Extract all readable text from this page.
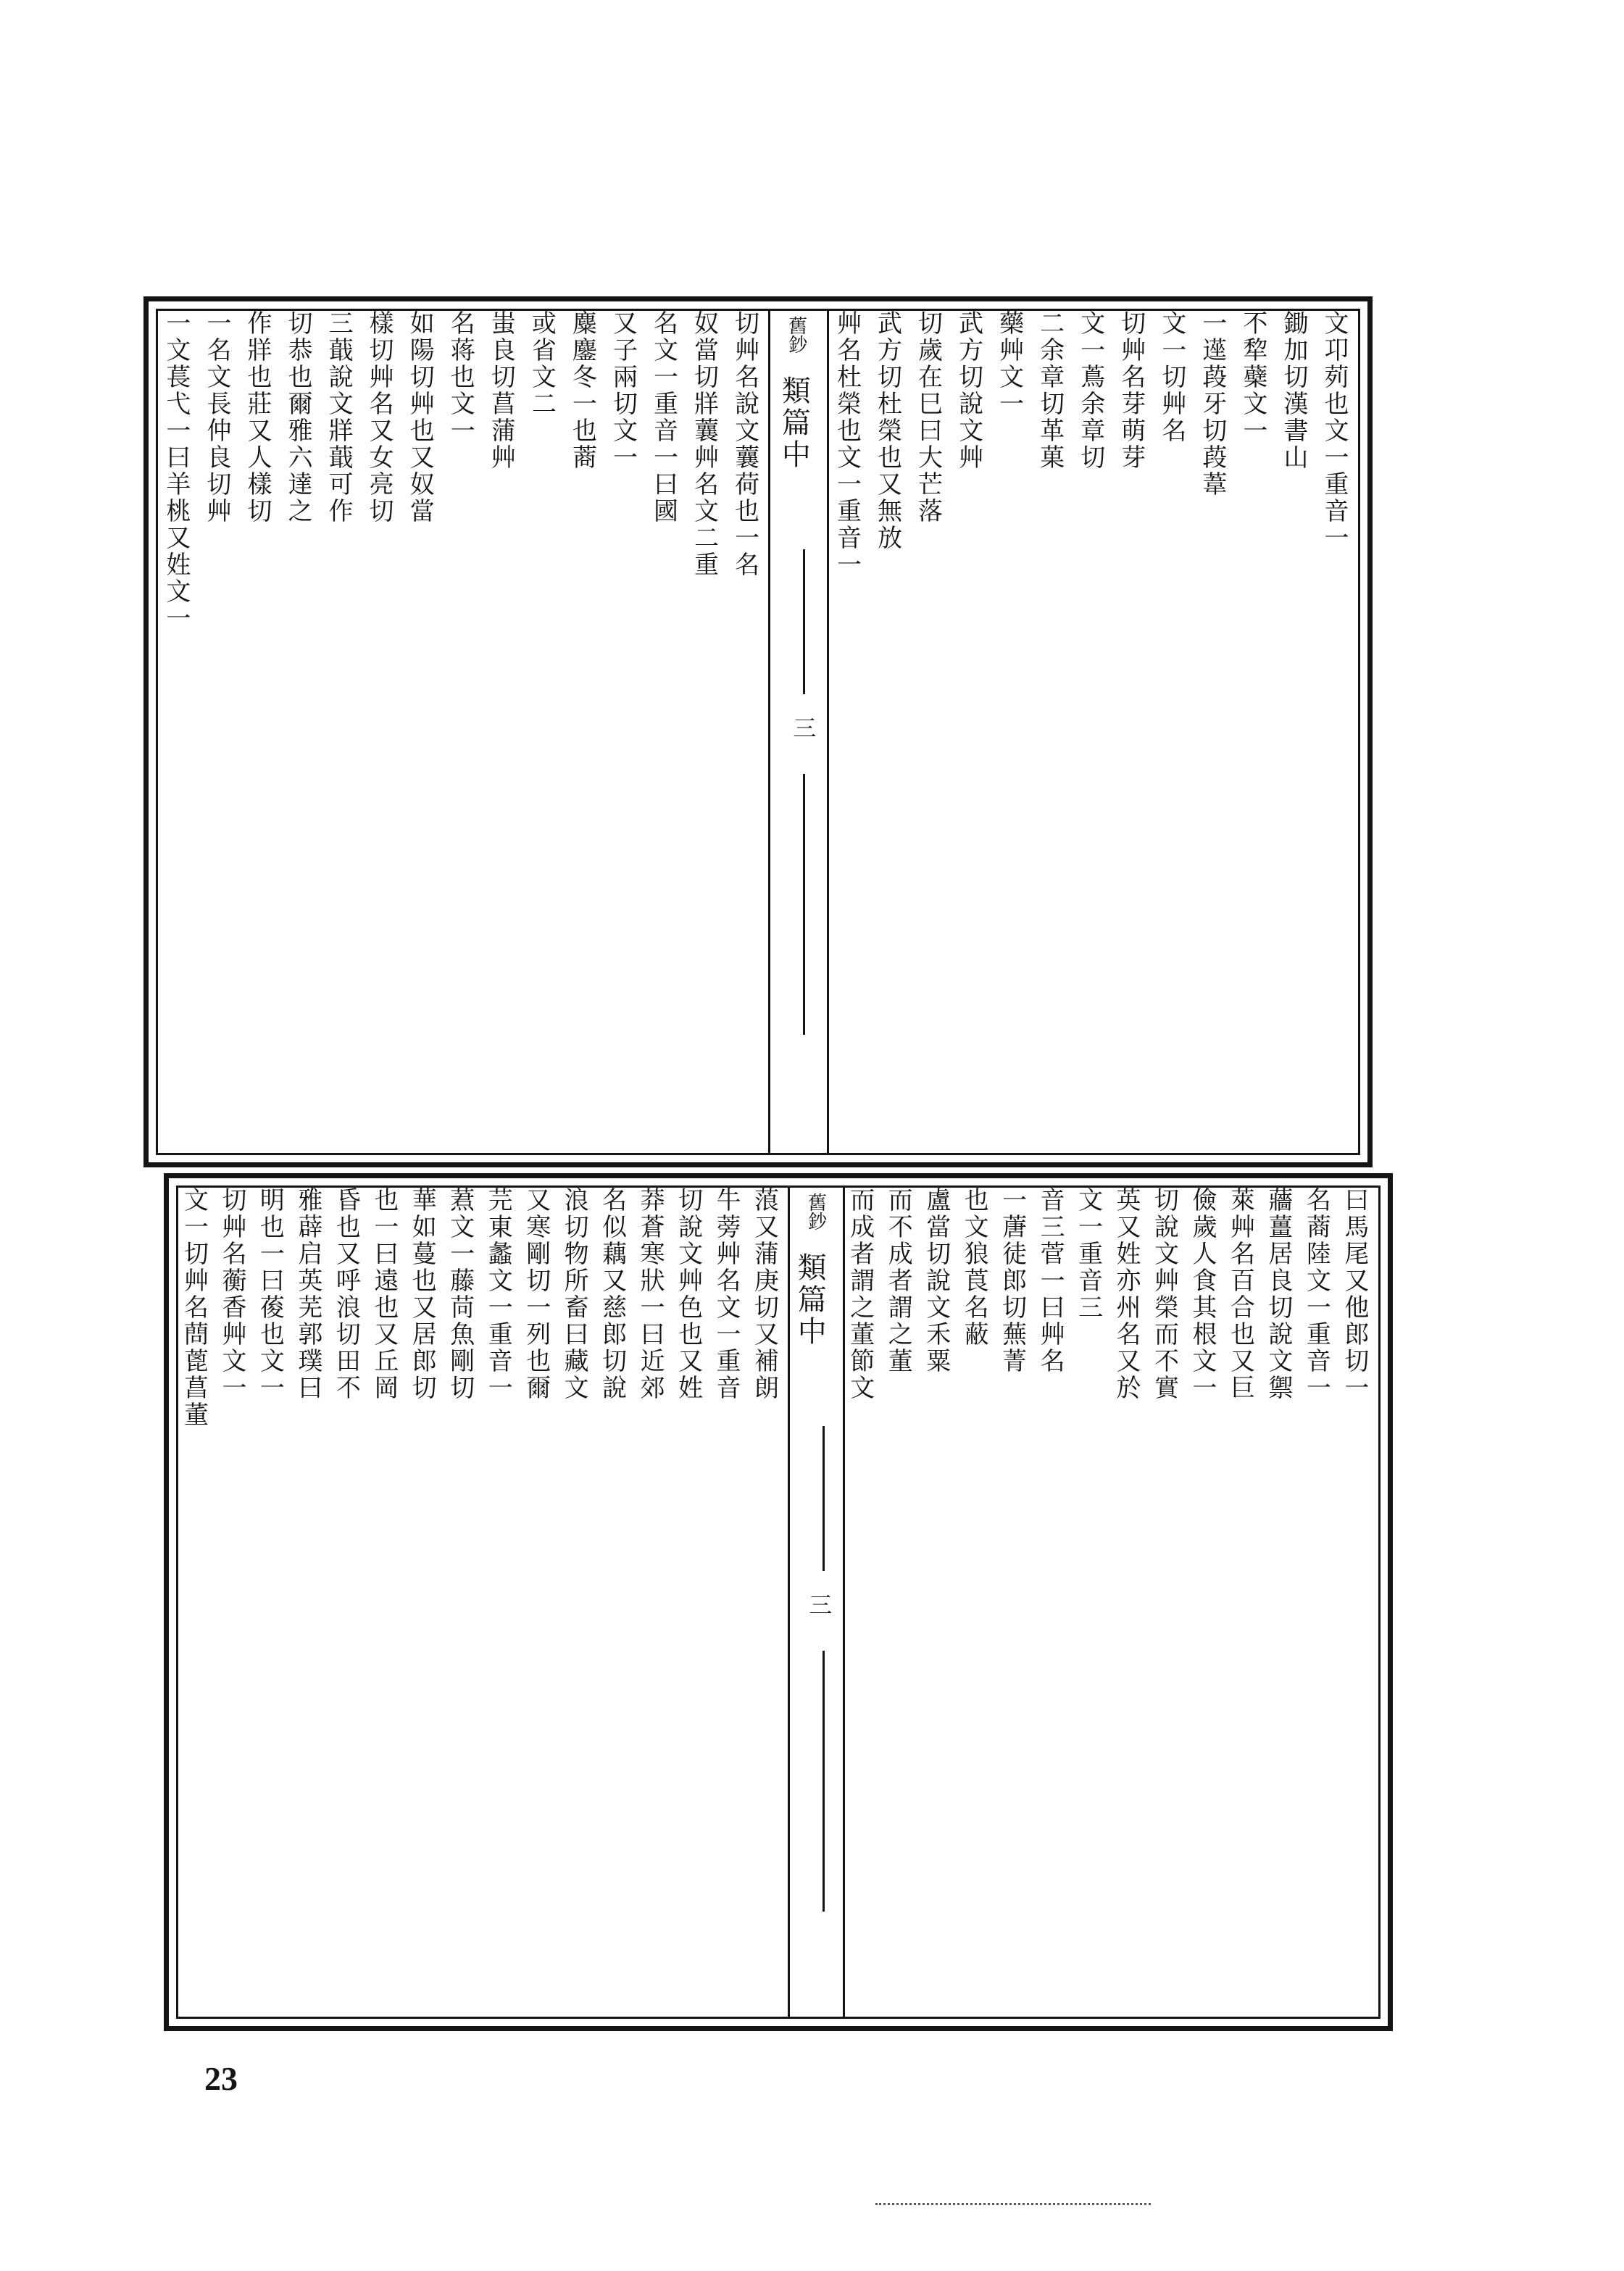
文卭茢也文一重音一
鋤加切漢書山
不犂蘗文一
一遳葮牙切葮葦
文一切艸名
切艸名芽萌芽
文一蔦余章切
二余章切革菓
藥艸文一
武方切說文艸
切歲在巳曰大芒落
武方切杜榮也又無放
艸名杜榮也文一重音一
舊鈔
類篇中
三
切艸名說文蘘荷也一名
奴當切牂蘘艸名文二重
名文一重音一曰國
又子兩切文一
麋鏖冬一也蔏
或省文二
蚩良切菖蒲艸
名蒋也文一
如陽切艸也又奴當
樣切艸名又女亮切
三蕺說文牂蕺可作
切恭也爾雅六達之
作牂也莊又人樣切
一名文長仲良切艸
一文萇弋一曰羊桃又姓文一
曰馬尾又他郎切一
名蔏陸文一重音一
蘠薑居良切說文禦
萊艸名百合也又巨
儉歲人食其根文一
切說文艸榮而不實
英又姓亦州名又於
文一重音三
音三菅一曰艸名
一蓎徒郎切蕪菁
也文狼莨名蔽
盧當切說文禾粟
而不成者謂之董
而成者謂之董節文
舊鈔
類篇中
三
蒗又蒲庚切又補朗
牛蒡艸名文一重音
切說文艸色也又姓
莽蒼寒狀一曰近郊
名似藕又慈郎切說
浪切物所畜曰藏文
又寒剛切一列也爾
芫東蠡文一重音一
蔒文一藤苘魚剛切
華如蔓也又居郎切
也一曰遠也又丘岡
昏也又呼浪切田不
雅薜启英芜郭璞曰
明也一曰葰也文一
切艸名蘅香艸文一
文一切艸名蔄蓖菖董
23
